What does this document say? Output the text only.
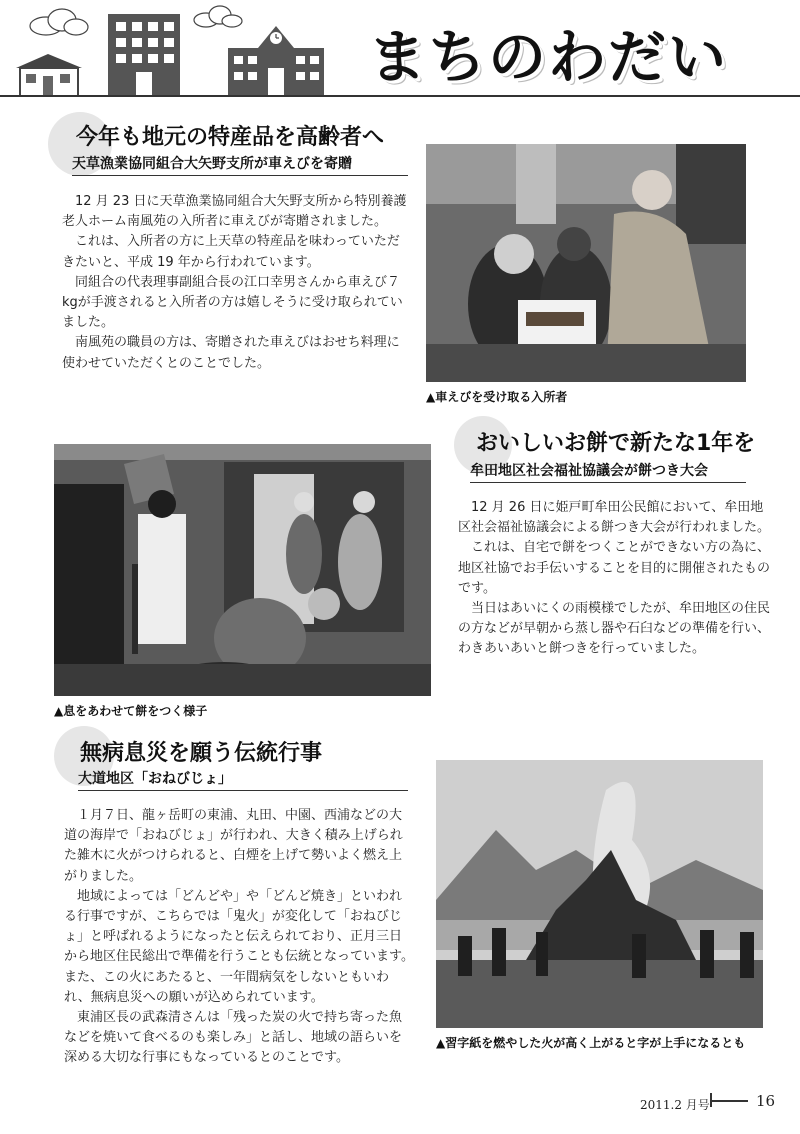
まちのわだい
今年も地元の特産品を高齢者へ
天草漁業協同組合大矢野支所が車えびを寄贈

12 月 23 日に天草漁業協同組合大矢野支所から特別養護老人ホーム南風苑の入所者に車えびが寄贈されました。

これは、入所者の方に上天草の特産品を味わっていただきたいと、平成 19 年から行われています。

同組合の代表理事副組合長の江口幸男さんから車えび７kgが手渡されると入所者の方は嬉しそうに受け取られていました。

南風苑の職員の方は、寄贈された車えびはおせち料理に使わせていただくとのことでした。

▲車えびを受け取る入所者
▲息をあわせて餅をつく様子
おいしいお餅で新たな1年を
牟田地区社会福祉協議会が餅つき大会

12 月 26 日に姫戸町牟田公民館において、牟田地区社会福祉協議会による餅つき大会が行われました。

これは、自宅で餅をつくことができない方の為に、地区社協でお手伝いすることを目的に開催されたものです。

当日はあいにくの雨模様でしたが、牟田地区の住民の方などが早朝から蒸し器や石臼などの準備を行い、わきあいあいと餅つきを行っていました。

無病息災を願う伝統行事
大道地区「おねびじょ」

１月７日、龍ヶ岳町の東浦、丸田、中園、西浦などの大道の海岸で「おねびじょ」が行われ、大きく積み上げられた雑木に火がつけられると、白煙を上げて勢いよく燃え上がりました。

地域によっては「どんどや」や「どんど焼き」といわれる行事ですが、こちらでは「鬼火」が変化して「おねびじょ」と呼ばれるようになったと伝えられており、正月三日から地区住民総出で準備を行うことも伝統となっています。また、この火にあたると、一年間病気をしないともいわれ、無病息災への願いが込められています。

東浦区長の武森清さんは「残った炭の火で持ち寄った魚などを焼いて食べるのも楽しみ」と話し、地域の語らいを深める大切な行事にもなっているとのことです。

▲習字紙を燃やした火が高く上がると字が上手になるとも
2011.2 月号	16
